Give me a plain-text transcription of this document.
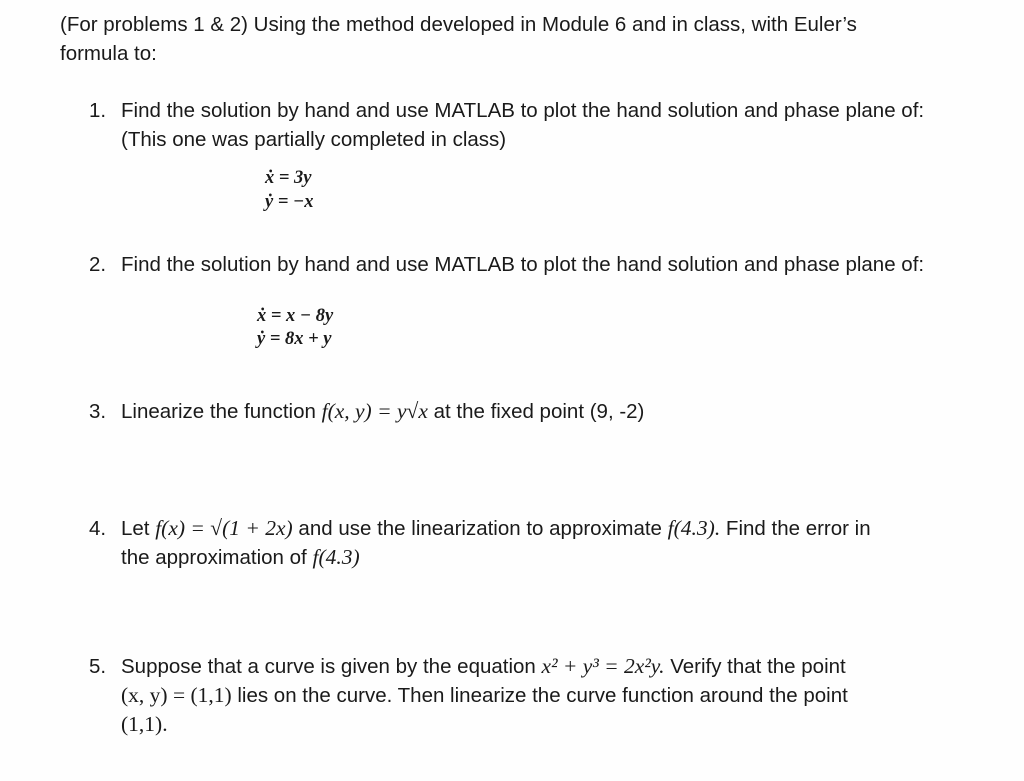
(For problems 1 & 2) Using the method developed in Module 6 and in class, with Euler’s
formula to:
1. Find the solution by hand and use MATLAB to plot the hand solution and phase plane of:
(This one was partially completed in class)
ẋ = 3y
ẏ = −x
2. Find the solution by hand and use MATLAB to plot the hand solution and phase plane of:
ẋ = x − 8y
ẏ = 8x + y
3. Linearize the function f(x, y) = y√x at the fixed point (9, -2)
4. Let f(x) = √(1 + 2x) and use the linearization to approximate f(4.3). Find the error in
the approximation of f(4.3)
5. Suppose that a curve is given by the equation x² + y³ = 2x²y. Verify that the point
(x, y) = (1,1) lies on the curve. Then linearize the curve function around the point
(1,1).
